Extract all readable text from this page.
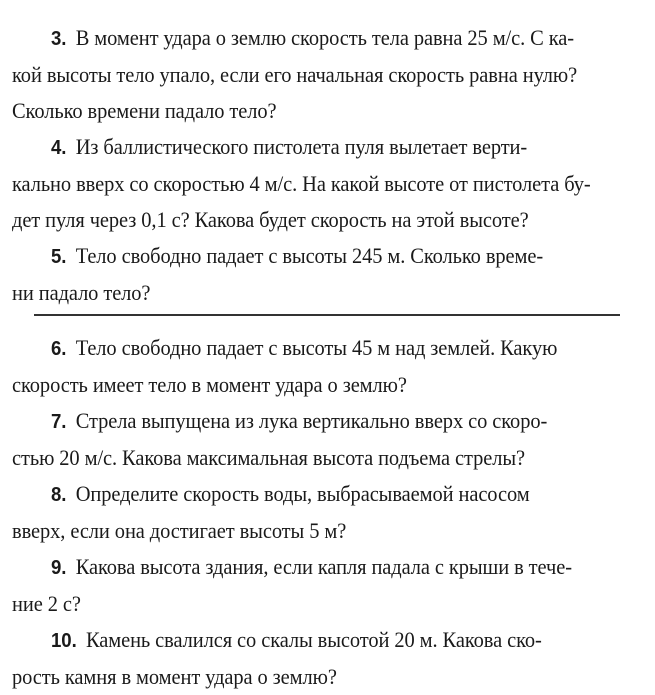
3. В момент удара о землю скорость тела равна 25 м/с. С ка-
кой высоты тело упало, если его начальная скорость равна нулю?
Сколько времени падало тело?

4. Из баллистического пистолета пуля вылетает верти-
кально вверх со скоростью 4 м/с. На какой высоте от пистолета бу-
дет пуля через 0,1 с? Какова будет скорость на этой высоте?

5. Тело свободно падает с высоты 245 м. Сколько време-
ни падало тело?

6. Тело свободно падает с высоты 45 м над землей. Какую
скорость имеет тело в момент удара о землю?

7. Стрела выпущена из лука вертикально вверх со скоро-
стью 20 м/с. Какова максимальная высота подъема стрелы?

8. Определите скорость воды, выбрасываемой насосом
вверх, если она достигает высоты 5 м?

9. Какова высота здания, если капля падала с крыши в тече-
ние 2 с?

10. Камень свалился со скалы высотой 20 м. Какова ско-
рость камня в момент удара о землю?
